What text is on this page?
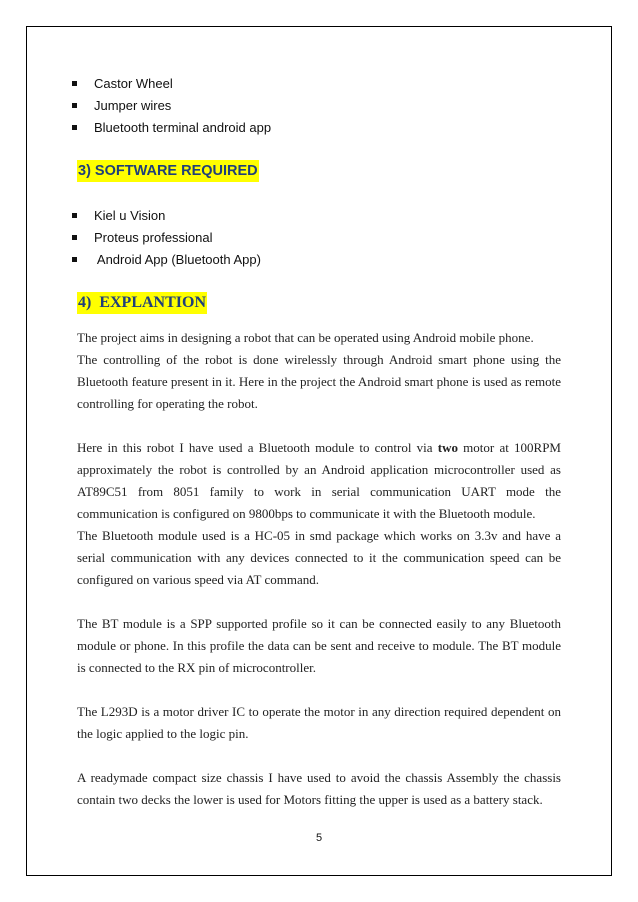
Castor Wheel
Jumper wires
Bluetooth terminal android app
3) SOFTWARE REQUIRED
Kiel u Vision
Proteus professional
Android App (Bluetooth App)
4)  EXPLANTION

The project aims in designing a robot that can be operated using Android mobile phone.

The controlling of the robot is done wirelessly through Android smart phone using the Bluetooth feature present in it. Here in the project the Android smart phone is used as remote controlling for operating the robot.

Here in this robot I have used a Bluetooth module to control via two motor at 100RPM approximately the robot is controlled by an Android application microcontroller used as AT89C51 from 8051 family to work in serial communication UART mode the communication is configured on 9800bps to communicate it with the Bluetooth module.

The Bluetooth module used is a HC-05 in smd package which works on 3.3v and have a serial communication with any devices connected to it the communication speed can be configured on various speed via AT command.

The BT module is a SPP supported profile so it can be connected easily to any Bluetooth module or phone. In this profile the data can be sent and receive to module. The BT module is connected to the RX pin of microcontroller.

The L293D is a motor driver IC to operate the motor in any direction required dependent on the logic applied to the logic pin.

A readymade compact size chassis I have used to avoid the chassis Assembly the chassis contain two decks the lower is used for Motors fitting the upper is used as a battery stack.

5
